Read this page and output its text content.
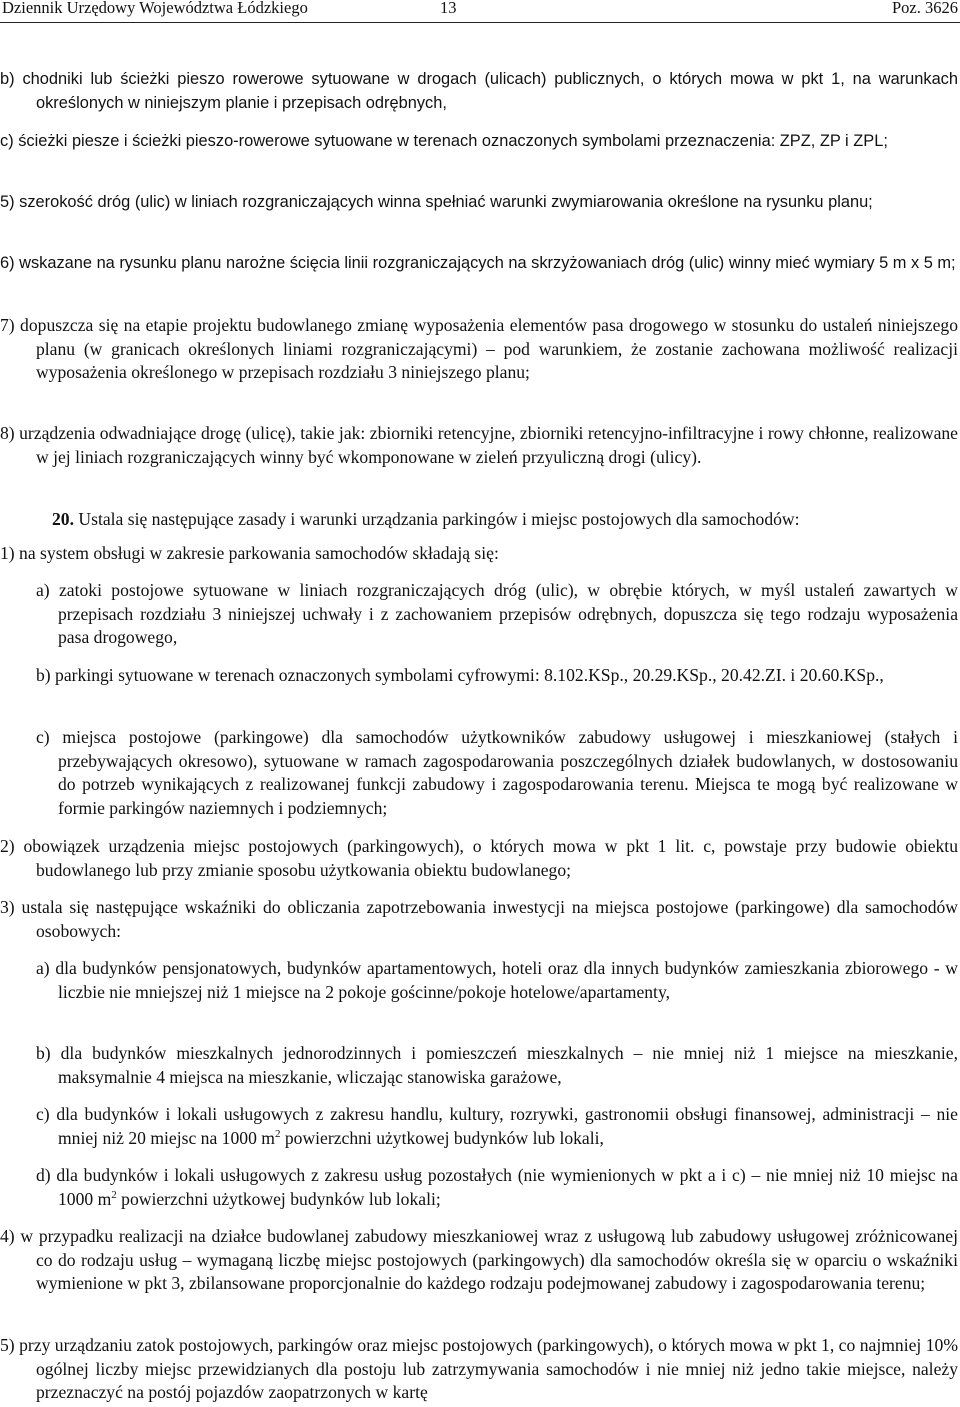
Dziennik Urzędowy Województwa Łódzkiego	13	Poz. 3626
b) chodniki lub ścieżki pieszo rowerowe sytuowane w drogach (ulicach) publicznych, o których mowa w pkt 1, na warunkach określonych w niniejszym planie i przepisach odrębnych,
c) ścieżki piesze i ścieżki pieszo-rowerowe sytuowane w terenach oznaczonych symbolami przeznaczenia: ZPZ, ZP i ZPL;
5) szerokość dróg (ulic) w liniach rozgraniczających winna spełniać warunki zwymiarowania określone na rysunku planu;
6) wskazane na rysunku planu narożne ścięcia linii rozgraniczających na skrzyżowaniach dróg (ulic) winny mieć wymiary 5 m x 5 m;
7) dopuszcza się na etapie projektu budowlanego zmianę wyposażenia elementów pasa drogowego w stosunku do ustaleń niniejszego planu (w granicach określonych liniami rozgraniczającymi) – pod warunkiem, że zostanie zachowana możliwość realizacji wyposażenia określonego w przepisach rozdziału 3 niniejszego planu;
8) urządzenia odwadniające drogę (ulicę), takie jak: zbiorniki retencyjne, zbiorniki retencyjno-infiltracyjne i rowy chłonne, realizowane w jej liniach rozgraniczających winny być wkomponowane w zieleń przyuliczną drogi (ulicy).
20. Ustala się następujące zasady i warunki urządzania parkingów i miejsc postojowych dla samochodów:
1) na system obsługi w zakresie parkowania samochodów składają się:
a) zatoki postojowe sytuowane w liniach rozgraniczających dróg (ulic), w obrębie których, w myśl ustaleń zawartych w przepisach rozdziału 3 niniejszej uchwały i z zachowaniem przepisów odrębnych, dopuszcza się tego rodzaju wyposażenia pasa drogowego,
b) parkingi sytuowane w terenach oznaczonych symbolami cyfrowymi: 8.102.KSp., 20.29.KSp., 20.42.ZI. i 20.60.KSp.,
c) miejsca postojowe (parkingowe) dla samochodów użytkowników zabudowy usługowej i mieszkaniowej (stałych i przebywających okresowo), sytuowane w ramach zagospodarowania poszczególnych działek budowlanych, w dostosowaniu do potrzeb wynikających z realizowanej funkcji zabudowy i zagospodarowania terenu. Miejsca te mogą być realizowane w formie parkingów naziemnych i podziemnych;
2) obowiązek urządzenia miejsc postojowych (parkingowych), o których mowa w pkt 1 lit. c, powstaje przy budowie obiektu budowlanego lub przy zmianie sposobu użytkowania obiektu budowlanego;
3) ustala się następujące wskaźniki do obliczania zapotrzebowania inwestycji na miejsca postojowe (parkingowe) dla samochodów osobowych:
a) dla budynków pensjonatowych, budynków apartamentowych, hoteli oraz dla innych budynków zamieszkania zbiorowego - w liczbie nie mniejszej niż 1 miejsce na 2 pokoje gościnne/pokoje hotelowe/apartamenty,
b) dla budynków mieszkalnych jednorodzinnych i pomieszczeń mieszkalnych – nie mniej niż 1 miejsce na mieszkanie, maksymalnie 4 miejsca na mieszkanie, wliczając stanowiska garażowe,
c) dla budynków i lokali usługowych z zakresu handlu, kultury, rozrywki, gastronomii obsługi finansowej, administracji – nie mniej niż 20 miejsc na 1000 $m^2$ powierzchni użytkowej budynków lub lokali,
d) dla budynków i lokali usługowych z zakresu usług pozostałych (nie wymienionych w pkt a i c) – nie mniej niż 10 miejsc na 1000 $m^2$ powierzchni użytkowej budynków lub lokali;
4) w przypadku realizacji na działce budowlanej zabudowy mieszkaniowej wraz z usługową lub zabudowy usługowej zróżnicowanej co do rodzaju usług – wymaganą liczbę miejsc postojowych (parkingowych) dla samochodów określa się w oparciu o wskaźniki wymienione w pkt 3, zbilansowane proporcjonalnie do każdego rodzaju podejmowanej zabudowy i zagospodarowania terenu;
5) przy urządzaniu zatok postojowych, parkingów oraz miejsc postojowych (parkingowych), o których mowa w pkt 1, co najmniej 10% ogólnej liczby miejsc przewidzianych dla postoju lub zatrzymywania samochodów i nie mniej niż jedno takie miejsce, należy przeznaczyć na postój pojazdów zaopatrzonych w kartę
